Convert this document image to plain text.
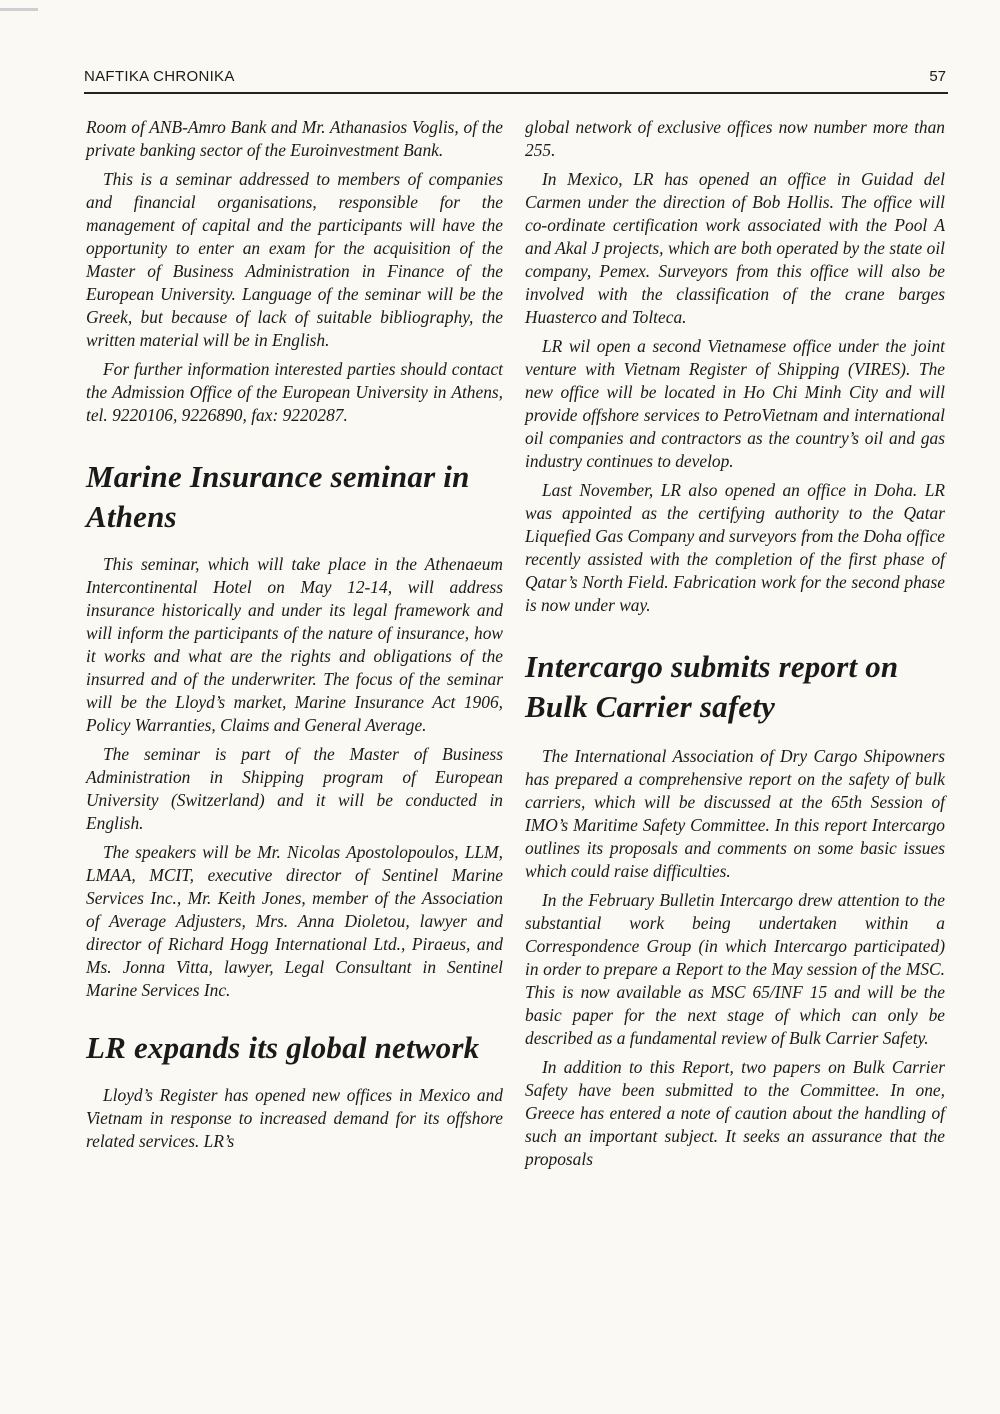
NAFTIKA CHRONIKA	57

Room of ANB-Amro Bank and Mr. Athanasios Voglis, of the private banking sector of the Euroinvestment Bank.

This is a seminar addressed to members of companies and financial organisations, responsible for the management of capital and the participants will have the opportunity to enter an exam for the acquisition of the Master of Business Administration in Finance of the European University. Language of the seminar will be the Greek, but because of lack of suitable bibliography, the written material will be in English.

For further information interested parties should contact the Admission Office of the European University in Athens, tel. 9220106, 9226890, fax: 9220287.

Marine Insurance seminar in Athens

This seminar, which will take place in the Athenaeum Intercontinental Hotel on May 12-14, will address insurance historically and under its legal framework and will inform the participants of the nature of insurance, how it works and what are the rights and obligations of the insurred and of the underwriter. The focus of the seminar will be the Lloyd’s market, Marine Insurance Act 1906, Policy Warranties, Claims and General Average.

The seminar is part of the Master of Business Administration in Shipping program of European University (Switzerland) and it will be conducted in English.

The speakers will be Mr. Nicolas Apostolopoulos, LLM, LMAA, MCIT, executive director of Sentinel Marine Services Inc., Mr. Keith Jones, member of the Association of Average Adjusters, Mrs. Anna Dioletou, lawyer and director of Richard Hogg International Ltd., Piraeus, and Ms. Jonna Vitta, lawyer, Legal Consultant in Sentinel Marine Services Inc.

LR expands its global network

Lloyd’s Register has opened new offices in Mexico and Vietnam in response to increased demand for its offshore related services. LR’s

global network of exclusive offices now number more than 255.

In Mexico, LR has opened an office in Guidad del Carmen under the direction of Bob Hollis. The office will co-ordinate certification work associated with the Pool A and Akal J projects, which are both operated by the state oil company, Pemex. Surveyors from this office will also be involved with the classification of the crane barges Huasterco and Tolteca.

LR wil open a second Vietnamese office under the joint venture with Vietnam Register of Shipping (VIRES). The new office will be located in Ho Chi Minh City and will provide offshore services to PetroVietnam and international oil companies and contractors as the country’s oil and gas industry continues to develop.

Last November, LR also opened an office in Doha. LR was appointed as the certifying authority to the Qatar Liquefied Gas Company and surveyors from the Doha office recently assisted with the completion of the first phase of Qatar’s North Field. Fabrication work for the second phase is now under way.

Intercargo submits report on Bulk Carrier safety

The International Association of Dry Cargo Shipowners has prepared a comprehensive report on the safety of bulk carriers, which will be discussed at the 65th Session of IMO’s Maritime Safety Committee. In this report Intercargo outlines its proposals and comments on some basic issues which could raise difficulties.

In the February Bulletin Intercargo drew attention to the substantial work being undertaken within a Correspondence Group (in which Intercargo participated) in order to prepare a Report to the May session of the MSC. This is now available as MSC 65/INF 15 and will be the basic paper for the next stage of which can only be described as a fundamental review of Bulk Carrier Safety.

In addition to this Report, two papers on Bulk Carrier Safety have been submitted to the Committee. In one, Greece has entered a note of caution about the handling of such an important subject. It seeks an assurance that the proposals
